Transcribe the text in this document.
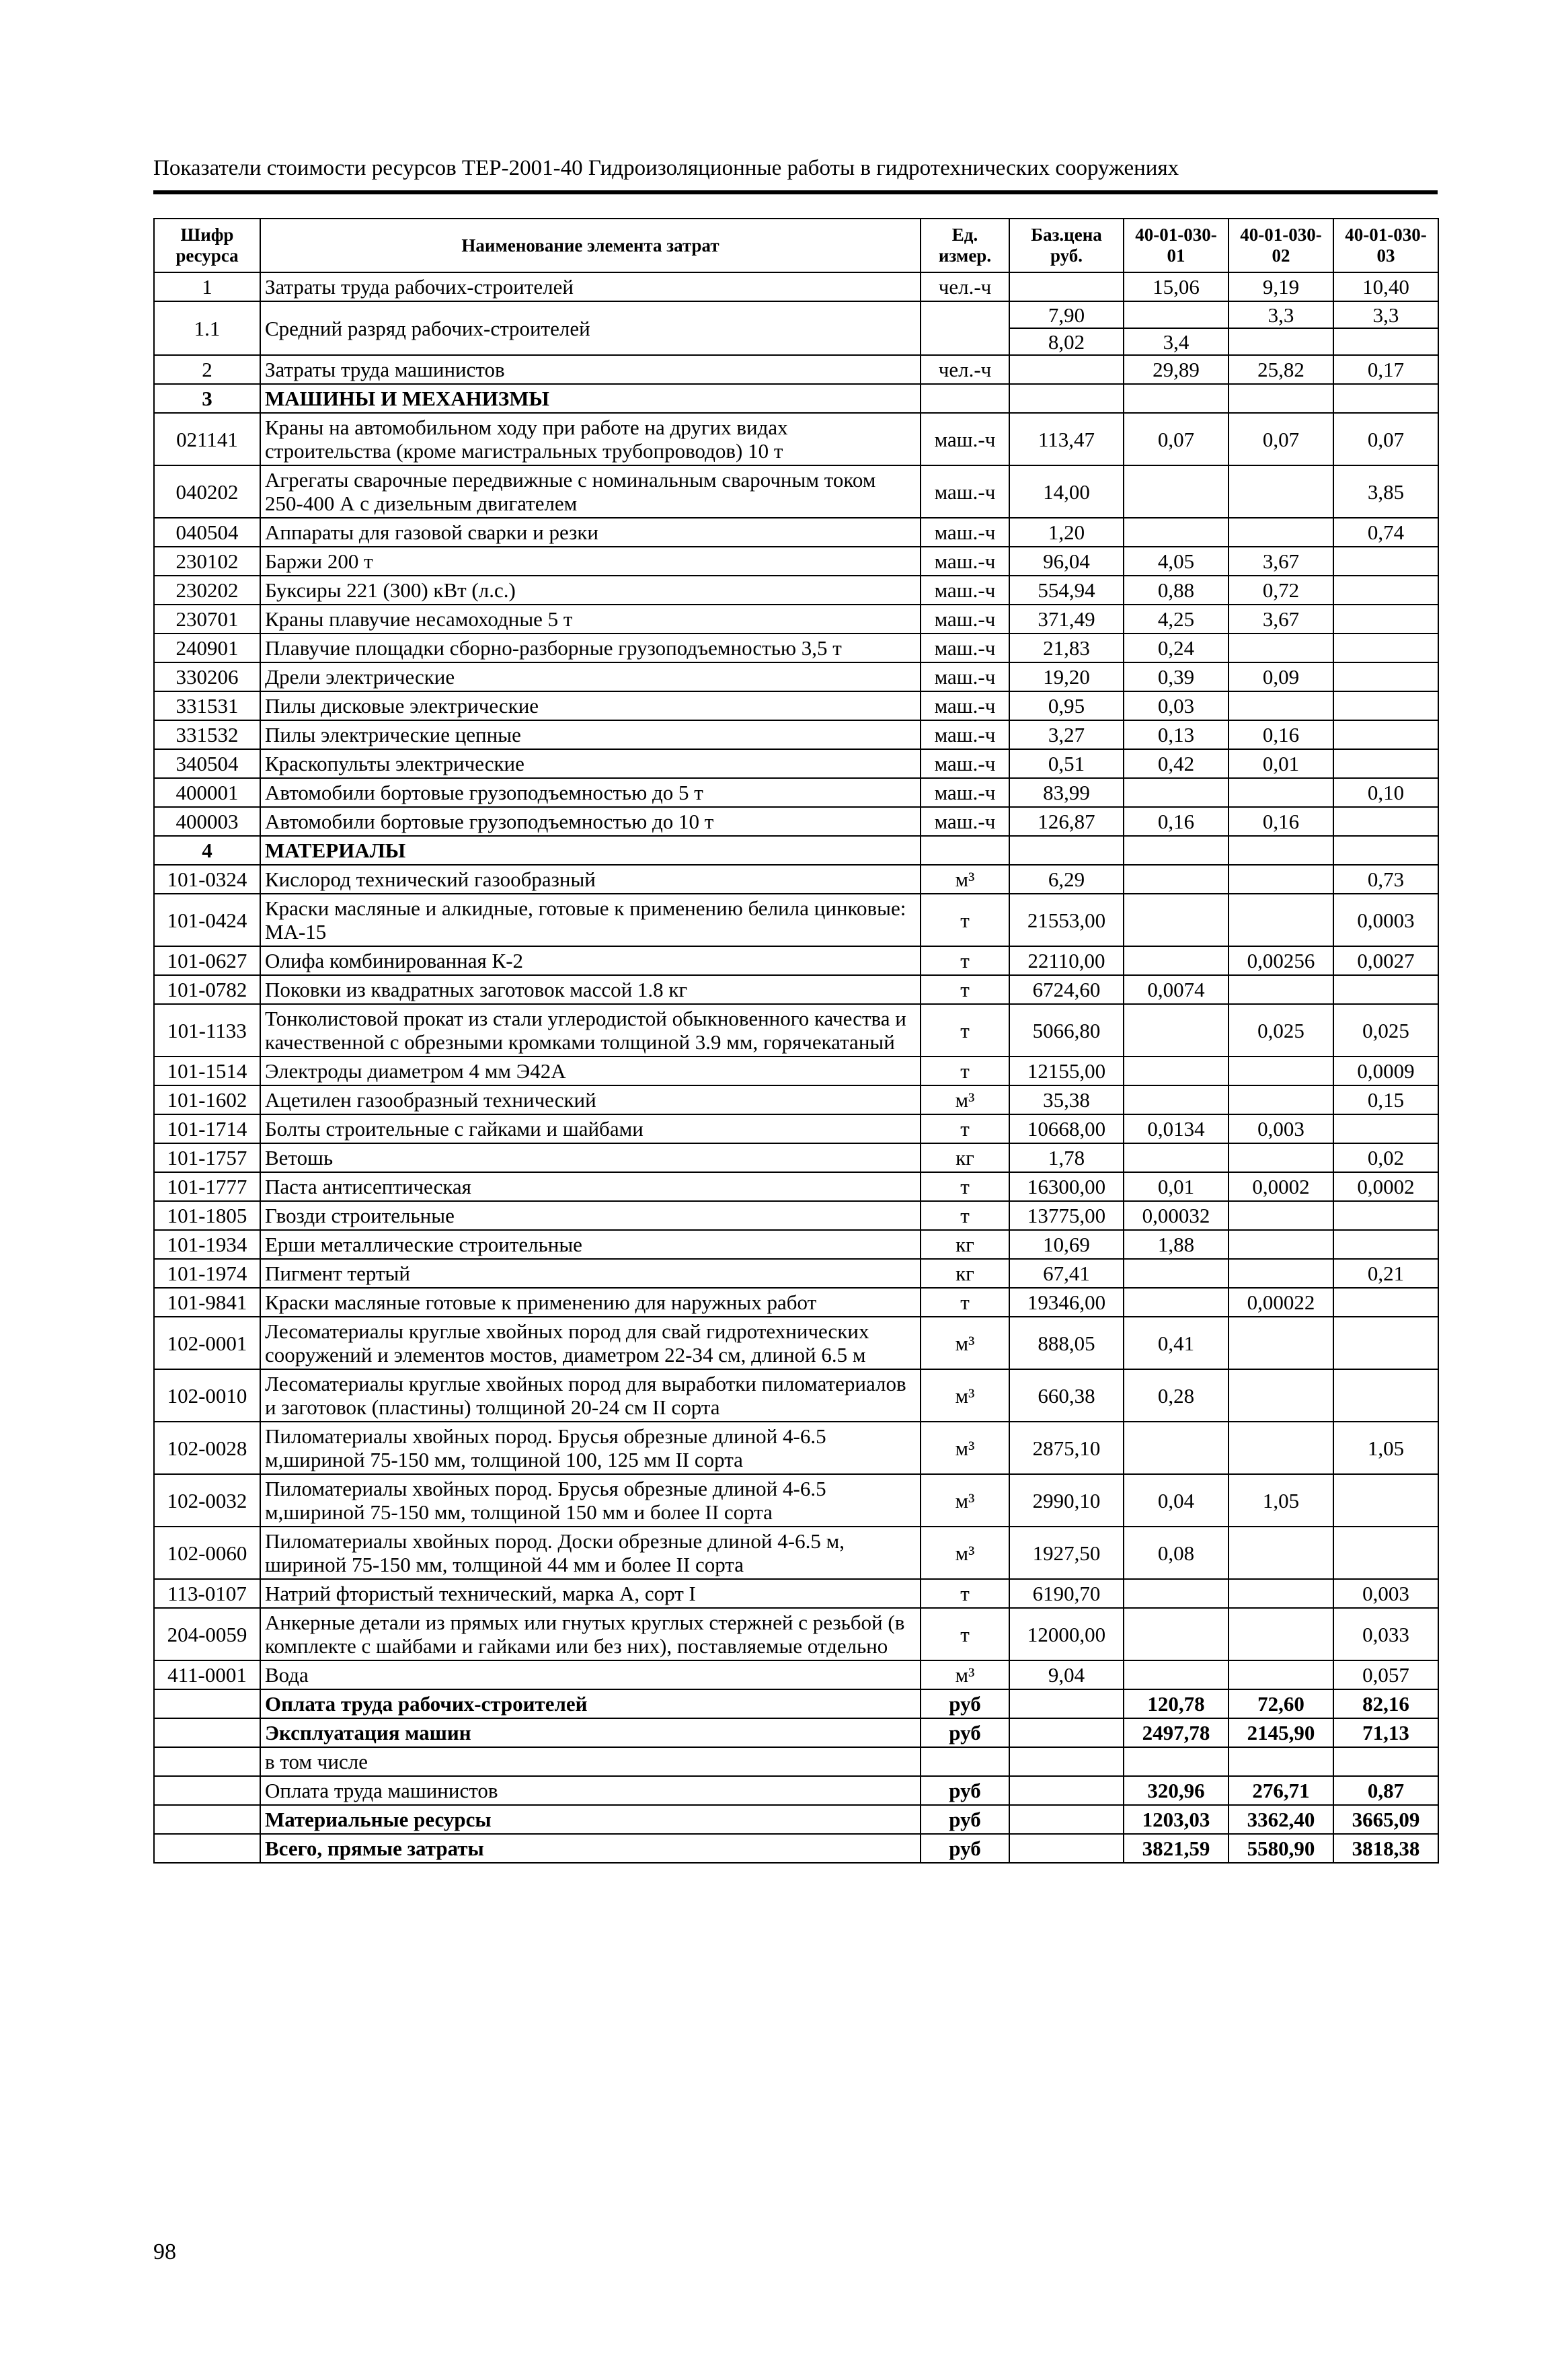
Показатели стоимости ресурсов ТЕР-2001-40 Гидроизоляционные работы в гидротехнических сооружениях
Шифр ресурса	Наименование элемента затрат	Ед. измер.	Баз.цена руб.	40-01-030-01	40-01-030-02	40-01-030-03
1	Затраты труда рабочих-строителей	чел.-ч		15,06	9,19	10,40
1.1	Средний разряд рабочих-строителей		7,90		3,3	3,3
			8,02	3,4		
2	Затраты труда машинистов	чел.-ч		29,89	25,82	0,17
3	МАШИНЫ И МЕХАНИЗМЫ					
021141	Краны на автомобильном ходу при работе на других видах строительства (кроме магистральных трубопроводов) 10 т	маш.-ч	113,47	0,07	0,07	0,07
040202	Агрегаты сварочные передвижные с номинальным сварочным током 250-400 А с дизельным двигателем	маш.-ч	14,00			3,85
040504	Аппараты для газовой сварки и резки	маш.-ч	1,20			0,74
230102	Баржи 200 т	маш.-ч	96,04	4,05	3,67	
230202	Буксиры 221 (300) кВт (л.с.)	маш.-ч	554,94	0,88	0,72	
230701	Краны плавучие несамоходные 5 т	маш.-ч	371,49	4,25	3,67	
240901	Плавучие площадки сборно-разборные грузоподъемностью 3,5 т	маш.-ч	21,83	0,24		
330206	Дрели электрические	маш.-ч	19,20	0,39	0,09	
331531	Пилы дисковые электрические	маш.-ч	0,95	0,03		
331532	Пилы электрические цепные	маш.-ч	3,27	0,13	0,16	
340504	Краскопульты электрические	маш.-ч	0,51	0,42	0,01	
400001	Автомобили бортовые грузоподъемностью до 5 т	маш.-ч	83,99			0,10
400003	Автомобили бортовые грузоподъемностью до 10 т	маш.-ч	126,87	0,16	0,16	
4	МАТЕРИАЛЫ					
101-0324	Кислород технический газообразный	м³	6,29			0,73
101-0424	Краски масляные и алкидные, готовые к применению белила цинковые: МА-15	т	21553,00			0,0003
101-0627	Олифа комбинированная К-2	т	22110,00		0,00256	0,0027
101-0782	Поковки из квадратных заготовок массой 1.8 кг	т	6724,60	0,0074		
101-1133	Тонколистовой прокат из стали углеродистой обыкновенного качества и качественной с обрезными кромками толщиной 3.9 мм, горячекатаный	т	5066,80		0,025	0,025
101-1514	Электроды диаметром 4 мм Э42А	т	12155,00			0,0009
101-1602	Ацетилен газообразный технический	м³	35,38			0,15
101-1714	Болты строительные с гайками и шайбами	т	10668,00	0,0134	0,003	
101-1757	Ветошь	кг	1,78			0,02
101-1777	Паста антисептическая	т	16300,00	0,01	0,0002	0,0002
101-1805	Гвозди строительные	т	13775,00	0,00032		
101-1934	Ерши металлические строительные	кг	10,69	1,88		
101-1974	Пигмент тертый	кг	67,41			0,21
101-9841	Краски масляные готовые к применению для наружных работ	т	19346,00		0,00022	
102-0001	Лесоматериалы круглые хвойных пород для свай гидротехнических сооружений и элементов мостов, диаметром 22-34 см, длиной 6.5 м	м³	888,05	0,41		
102-0010	Лесоматериалы круглые хвойных пород для выработки пиломатериалов и заготовок (пластины) толщиной 20-24 см II сорта	м³	660,38	0,28		
102-0028	Пиломатериалы хвойных пород. Брусья обрезные длиной 4-6.5 м,шириной 75-150 мм, толщиной 100, 125 мм II сорта	м³	2875,10			1,05
102-0032	Пиломатериалы хвойных пород. Брусья обрезные длиной 4-6.5 м,шириной 75-150 мм, толщиной 150 мм и более II сорта	м³	2990,10	0,04	1,05	
102-0060	Пиломатериалы хвойных пород. Доски обрезные длиной 4-6.5 м, шириной 75-150 мм, толщиной 44 мм и более II сорта	м³	1927,50	0,08		
113-0107	Натрий фтористый технический, марка А, сорт I	т	6190,70			0,003
204-0059	Анкерные детали из прямых или гнутых круглых стержней с резьбой (в комплекте с шайбами и гайками или без них), поставляемые отдельно	т	12000,00			0,033
411-0001	Вода	м³	9,04			0,057
	Оплата труда рабочих-строителей	руб		120,78	72,60	82,16
	Эксплуатация машин	руб		2497,78	2145,90	71,13
	в том числе					
	Оплата труда машинистов	руб		320,96	276,71	0,87
	Материальные ресурсы	руб		1203,03	3362,40	3665,09
	Всего, прямые затраты	руб		3821,59	5580,90	3818,38
98
